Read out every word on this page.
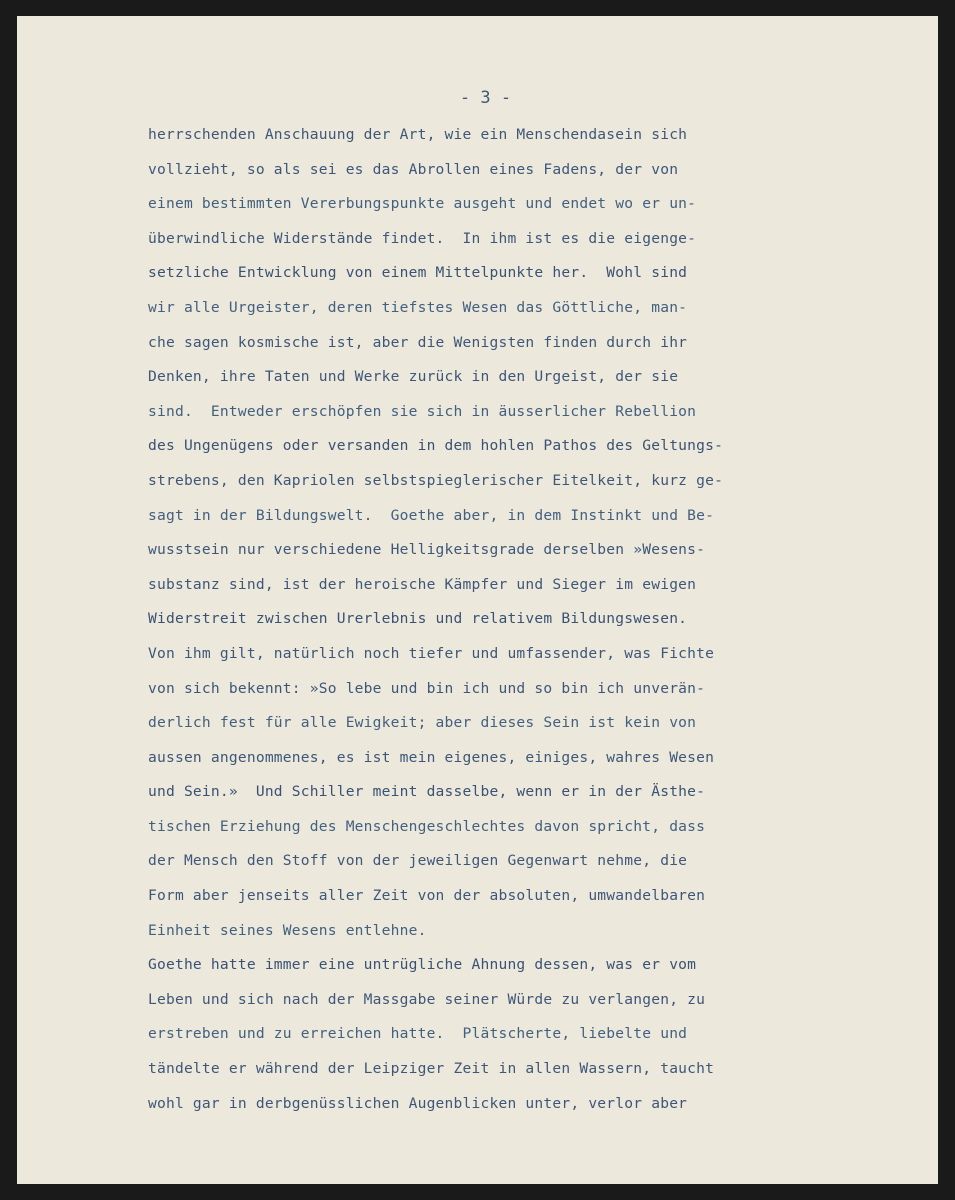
- 3 -

herrschenden Anschauung der Art, wie ein Menschendasein sich
vollzieht, so als sei es das Abrollen eines Fadens, der von
einem bestimmten Vererbungspunkte ausgeht und endet wo er un-
überwindliche Widerstände findet.  In ihm ist es die eigenge-
setzliche Entwicklung von einem Mittelpunkte her.  Wohl sind
wir alle Urgeister, deren tiefstes Wesen das Göttliche, man-
che sagen kosmische ist, aber die Wenigsten finden durch ihr
Denken, ihre Taten und Werke zurück in den Urgeist, der sie
sind.  Entweder erschöpfen sie sich in äusserlicher Rebellion
des Ungenügens oder versanden in dem hohlen Pathos des Geltungs-
strebens, den Kapriolen selbstspieglerischer Eitelkeit, kurz ge-
sagt in der Bildungswelt.  Goethe aber, in dem Instinkt und Be-
wusstsein nur verschiedene Helligkeitsgrade derselben »Wesens-
substanz sind, ist der heroische Kämpfer und Sieger im ewigen
Widerstreit zwischen Urerlebnis und relativem Bildungswesen.
Von ihm gilt, natürlich noch tiefer und umfassender, was Fichte
von sich bekennt: »So lebe und bin ich und so bin ich unverän-
derlich fest für alle Ewigkeit; aber dieses Sein ist kein von
aussen angenommenes, es ist mein eigenes, einiges, wahres Wesen
und Sein.»  Und Schiller meint dasselbe, wenn er in der Ästhe-
tischen Erziehung des Menschengeschlechtes davon spricht, dass
der Mensch den Stoff von der jeweiligen Gegenwart nehme, die
Form aber jenseits aller Zeit von der absoluten, umwandelbaren
Einheit seines Wesens entlehne.
Goethe hatte immer eine untrügliche Ahnung dessen, was er vom
Leben und sich nach der Massgabe seiner Würde zu verlangen, zu
erstreben und zu erreichen hatte.  Plätscherte, liebelte und
tändelte er während der Leipziger Zeit in allen Wassern, taucht
wohl gar in derbgenüsslichen Augenblicken unter, verlor aber
